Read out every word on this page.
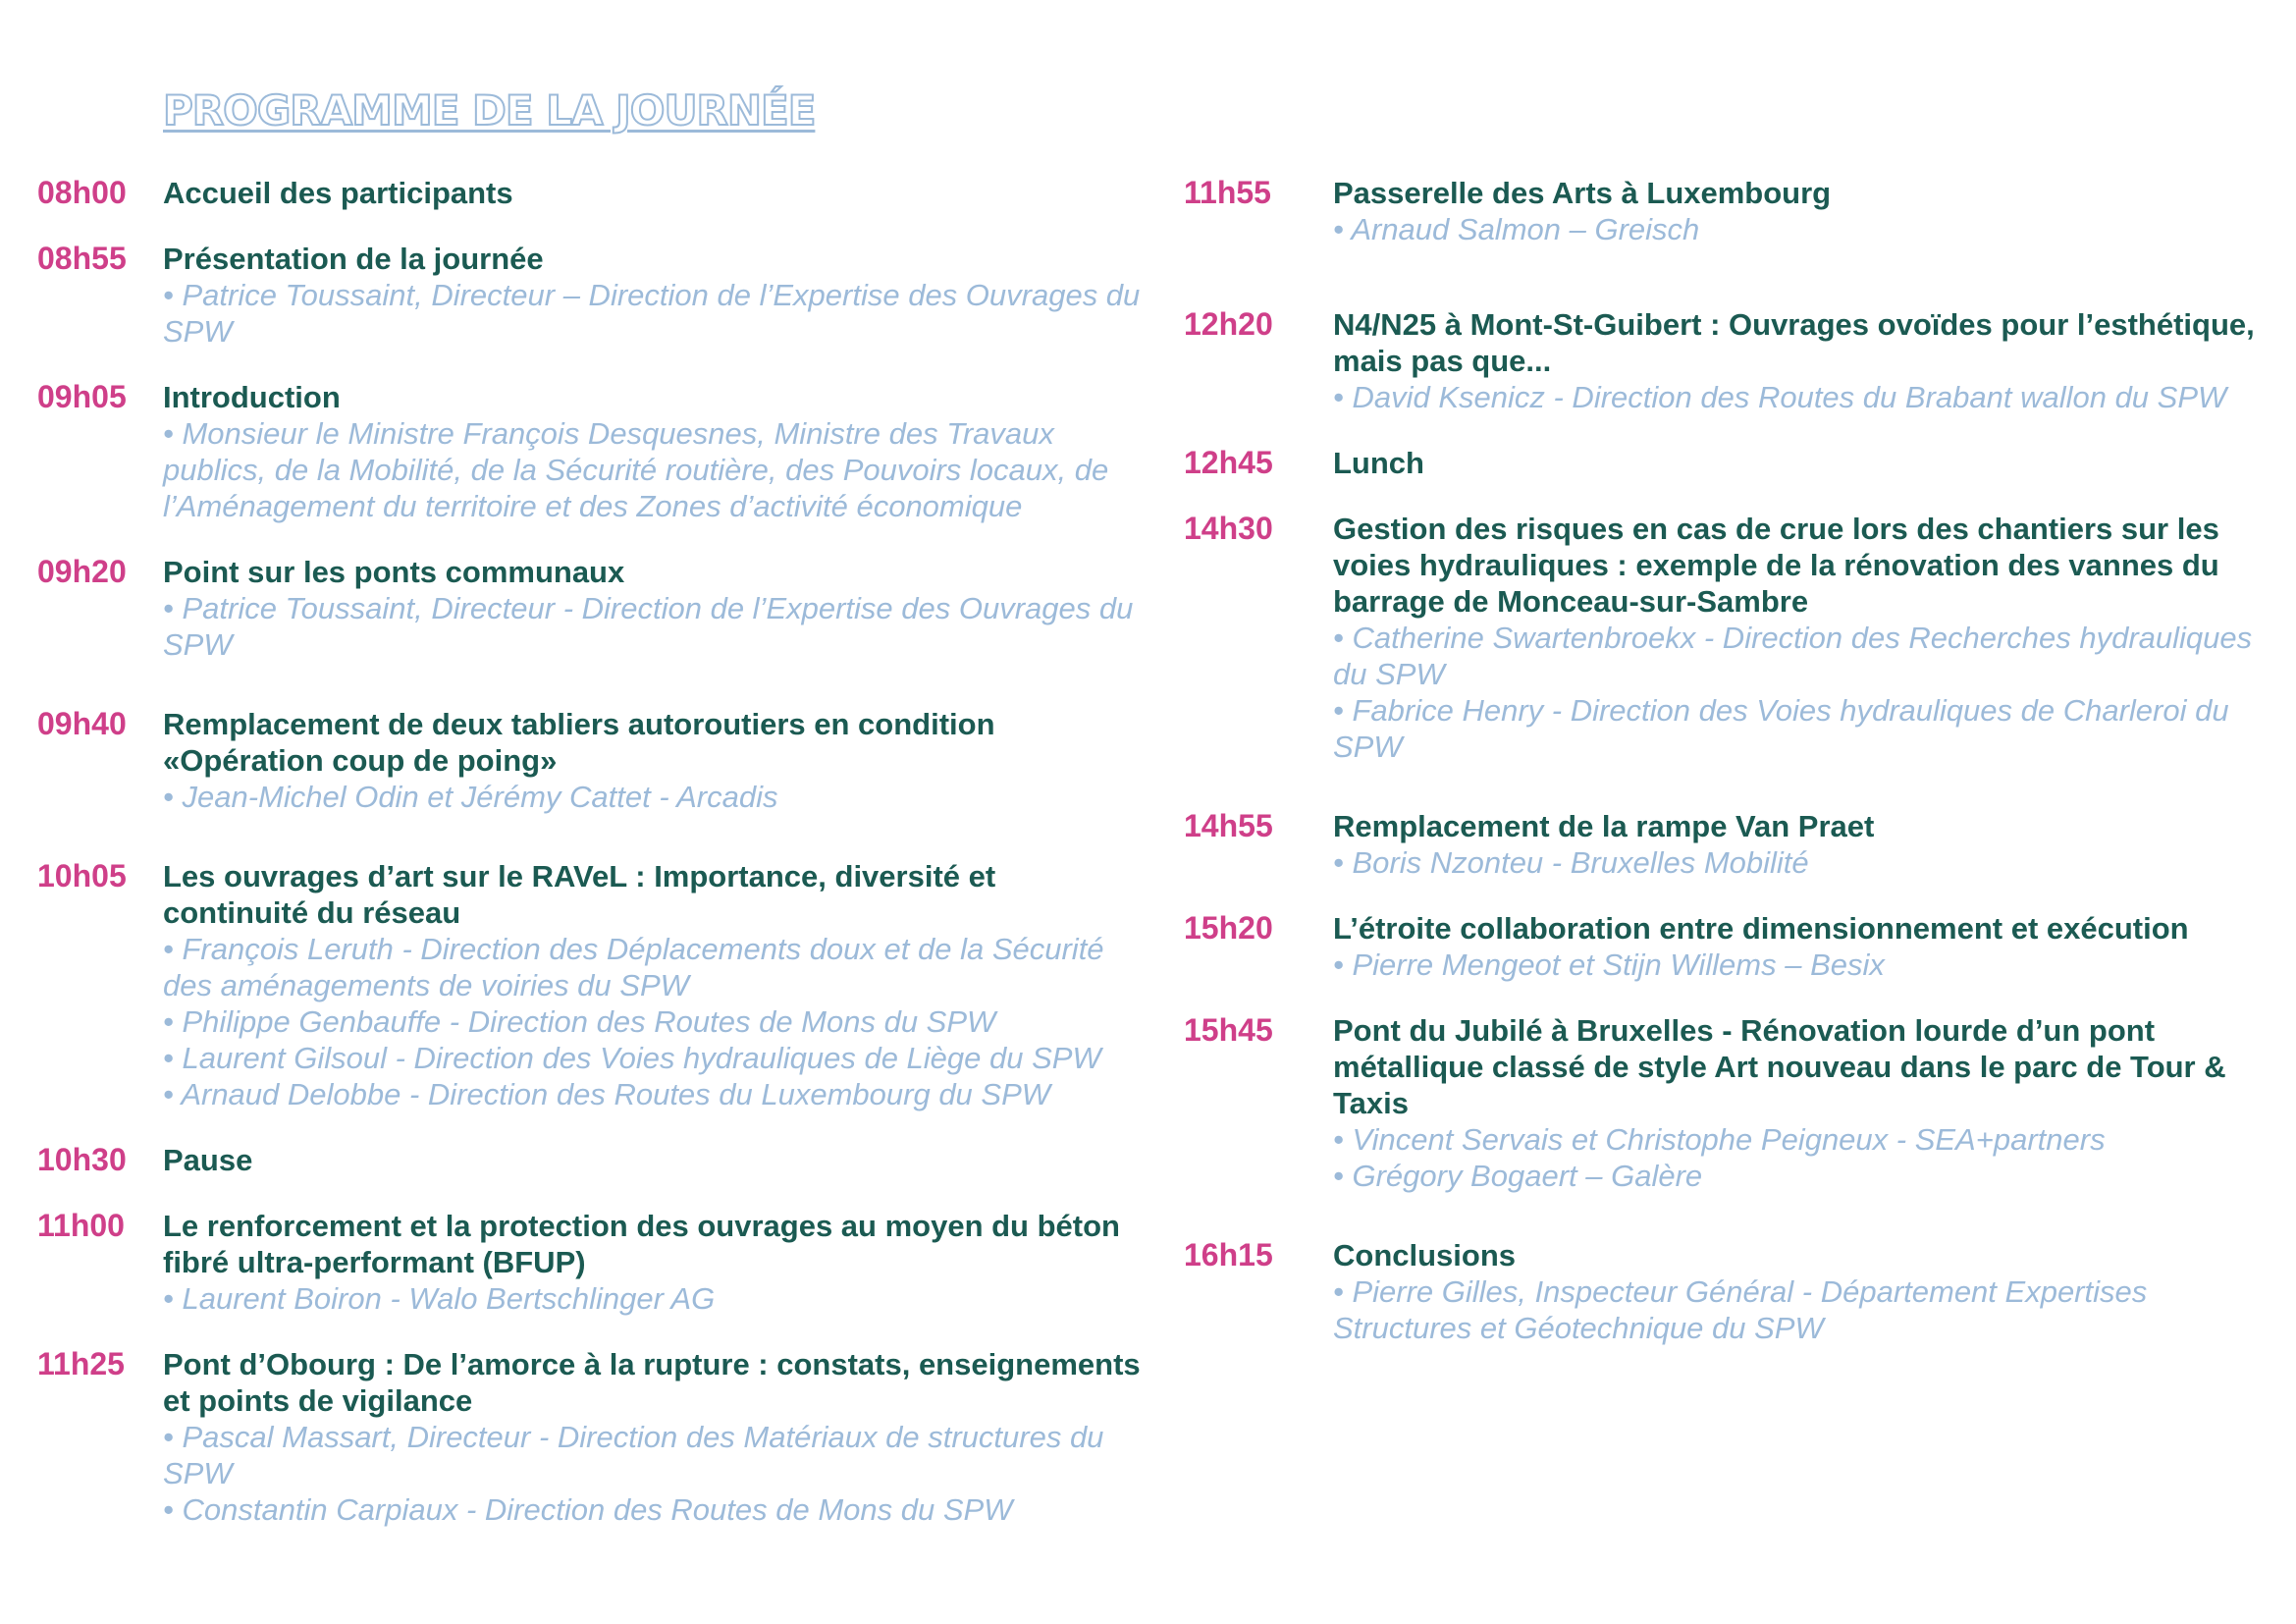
PROGRAMME DE LA JOURNÉE
08h00	Accueil des participants
08h55	Présentation de la journée
• Patrice Toussaint, Directeur – Direction de l’Expertise des Ouvrages du SPW
09h05	Introduction
• Monsieur le Ministre François Desquesnes, Ministre des Travaux publics, de la Mobilité, de la Sécurité routière, des Pouvoirs locaux, de l’Aménagement du territoire et des Zones d’activité économique
09h20	Point sur les ponts communaux
• Patrice Toussaint, Directeur - Direction de l’Expertise des Ouvrages du SPW
09h40	Remplacement de deux tabliers autoroutiers en condition «Opération coup de poing»
• Jean-Michel Odin et Jérémy Cattet - Arcadis
10h05	Les ouvrages d’art sur le RAVeL : Importance, diversité et continuité du réseau
• François Leruth - Direction des Déplacements doux et de la Sécurité des aménagements de voiries du SPW
• Philippe Genbauffe - Direction des Routes de Mons du SPW
• Laurent Gilsoul - Direction des Voies hydrauliques de Liège du SPW
• Arnaud Delobbe - Direction des Routes du Luxembourg du SPW
10h30	Pause
11h00	Le renforcement et la protection des ouvrages au moyen du béton fibré ultra-performant (BFUP)
• Laurent Boiron - Walo Bertschlinger AG
11h25	Pont d’Obourg : De l’amorce à la rupture : constats, enseignements et points de vigilance
• Pascal Massart, Directeur - Direction des Matériaux de structures du SPW
• Constantin Carpiaux - Direction des Routes de Mons du SPW
11h55	Passerelle des Arts à Luxembourg
• Arnaud Salmon – Greisch
12h20	N4/N25 à Mont-St-Guibert : Ouvrages ovoïdes pour l’esthétique, mais pas que...
• David Ksenicz - Direction des Routes du Brabant wallon du SPW
12h45	Lunch
14h30	Gestion des risques en cas de crue lors des chantiers sur les voies hydrauliques : exemple de la rénovation des vannes du barrage de Monceau-sur-Sambre
• Catherine Swartenbroekx - Direction des Recherches hydrauliques du SPW
• Fabrice Henry - Direction des Voies hydrauliques de Charleroi du SPW
14h55	Remplacement de la rampe Van Praet
• Boris Nzonteu - Bruxelles Mobilité
15h20	L’étroite collaboration entre dimensionnement et exécution
• Pierre Mengeot et Stijn Willems – Besix
15h45	Pont du Jubilé à Bruxelles - Rénovation lourde d’un pont métallique classé de style Art nouveau dans le parc de Tour & Taxis
• Vincent Servais et Christophe Peigneux - SEA+partners
• Grégory Bogaert – Galère
16h15	Conclusions
• Pierre Gilles, Inspecteur Général - Département Expertises Structures et Géotechnique du SPW
